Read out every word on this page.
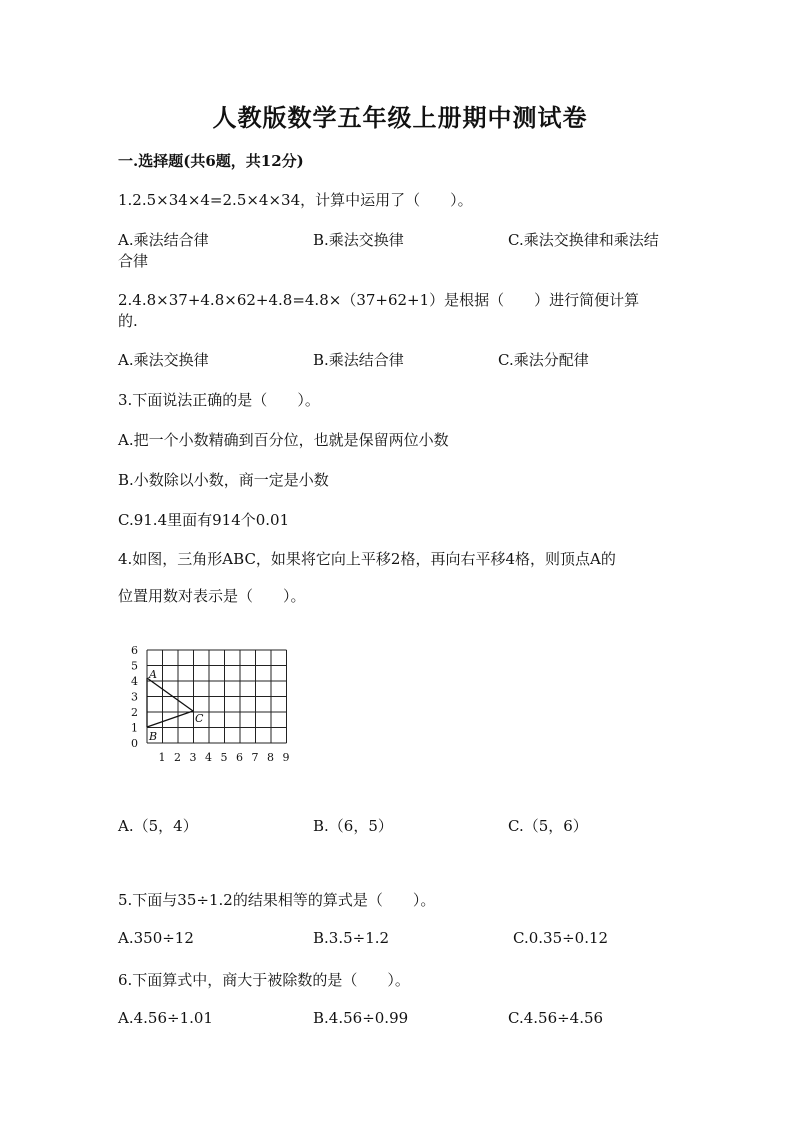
人教版数学五年级上册期中测试卷
一.选择题(共6题，共12分)
1.2.5×34×4=2.5×4×34，计算中运用了（　　）。
A.乘法结合律	B.乘法交换律	C.乘法交换律和乘法结
合律
2.4.8×37+4.8×62+4.8=4.8×（37+62+1）是根据（　　）进行简便计算
的.
A.乘法交换律	B.乘法结合律	C.乘法分配律
3.下面说法正确的是（　　）。
A.把一个小数精确到百分位，也就是保留两位小数
B.小数除以小数，商一定是小数
C.91.4里面有914个0.01
4.如图，三角形ABC，如果将它向上平移2格，再向右平移4格，则顶点A的
位置用数对表示是（　　）。
0
1
2
3
4
5
6
1 2 3 4 5 6 7 8 9
A
B
C
A.（5，4）	B.（6，5）	C.（5，6）
5.下面与35÷1.2的结果相等的算式是（　　）。
A.350÷12	B.3.5÷1.2	C.0.35÷0.12
6.下面算式中，商大于被除数的是（　　）。
A.4.56÷1.01	B.4.56÷0.99	C.4.56÷4.56
